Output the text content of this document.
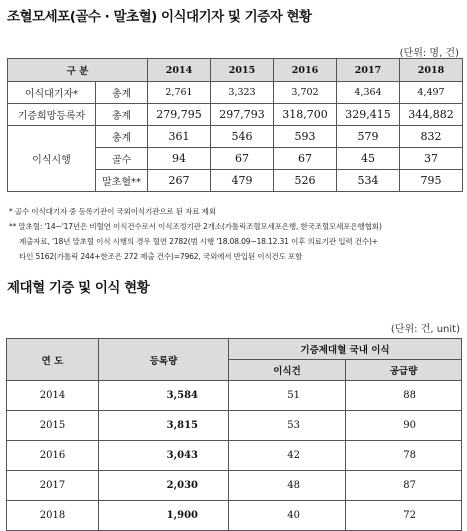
조혈모세포(골수 · 말초혈) 이식대기자 및 기증자 현황
(단위: 명, 건)
구 분		2014	2015	2016	2017	2018
이식대기자*	총계	2,761	3,323	3,702	4,364	4,497
기증희망등록자	총계	279,795	297,793	318,700	329,415	344,882
이식시행	총계	361	546	593	579	832
	골수	94	67	67	45	37
	말초혈**	267	479	526	534	795
* 골수 이식대기자 중 등록기관이 국외이식기관으로 된 자료 제외
** 말초혈: '14~'17년은 비혈연 이식건수로서 이식조정기관 2개소(가톨릭조혈모세포은행, 한국조혈모세포은행협회)
제출자료, '18년 말초혈 이식 시행의 경우 혈연 2782(범 시행 '18.08.09~18.12.31 이후 의료기관 입력 건수)+
타인 5162(가톨릭 244+한조은 272 제출 건수)=7962, 국외에서 반입된 이식건도 포함
제대혈 기증 및 이식 현황
(단위: 건, unit)
연 도	등록량	기증제대혈 국내 이식	
		이식건	공급량
2014	3,584	51	88
2015	3,815	53	90
2016	3,043	42	78
2017	2,030	48	87
2018	1,900	40	72
